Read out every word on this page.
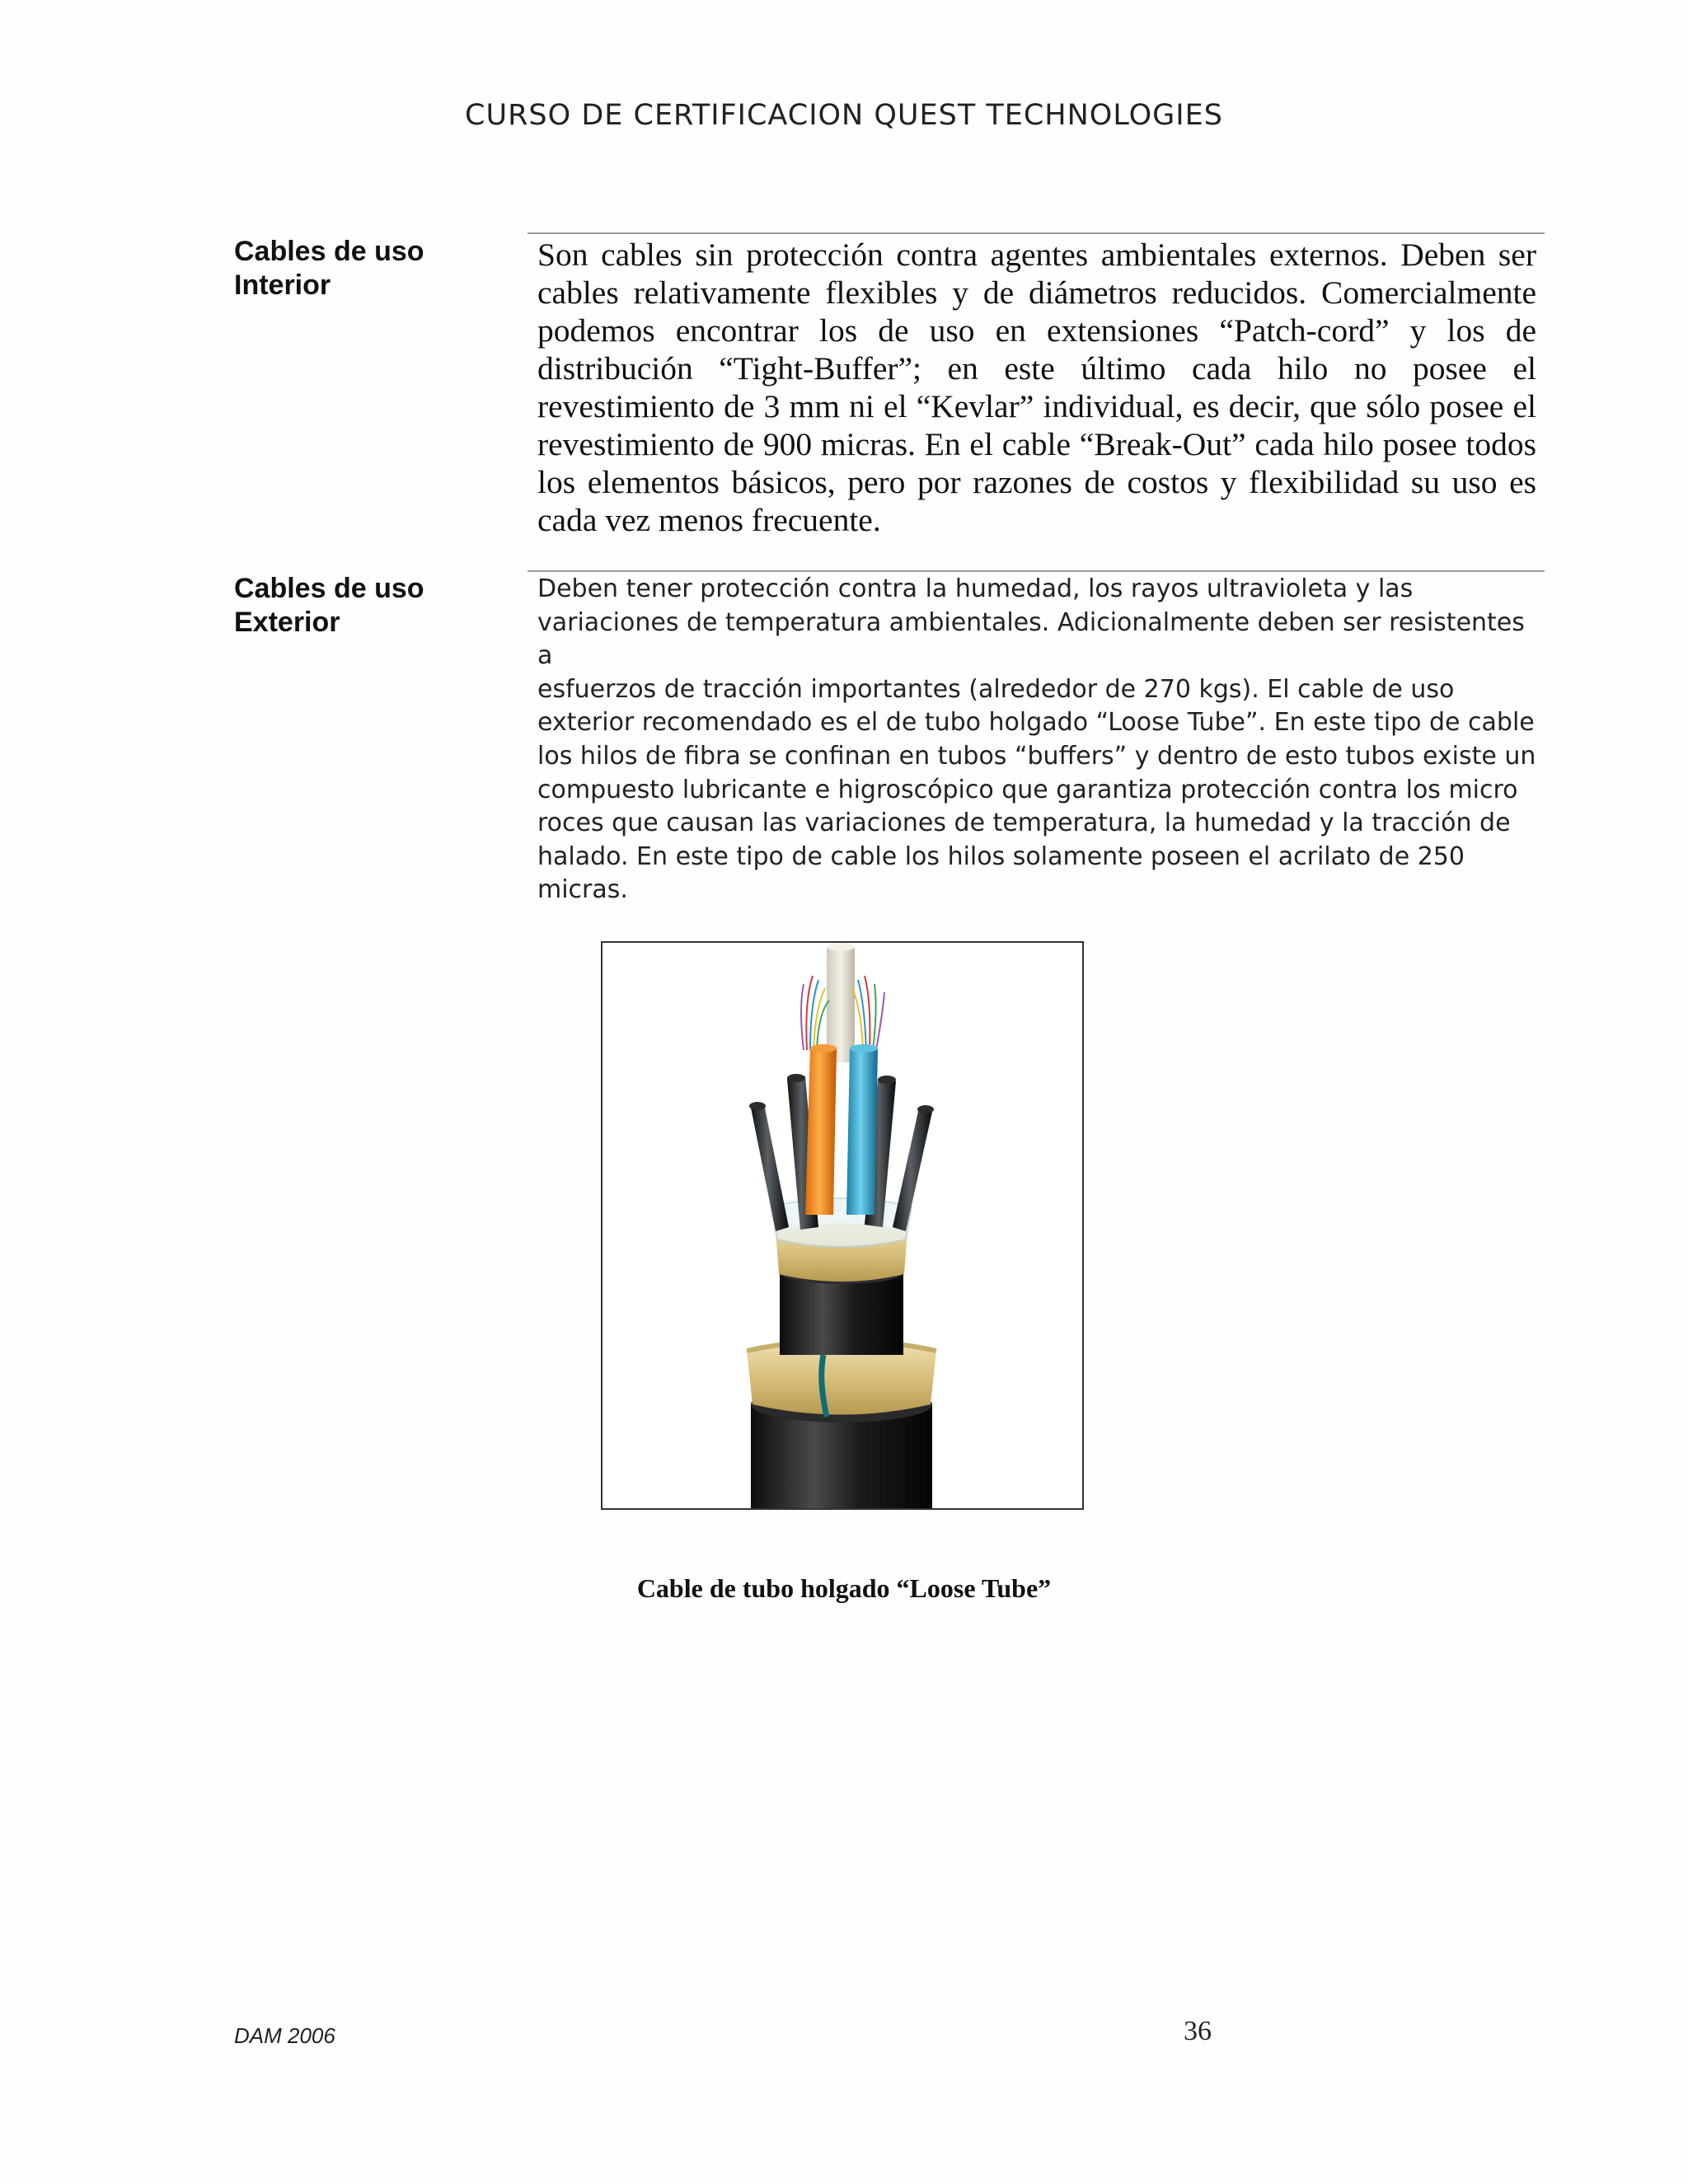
CURSO DE CERTIFICACION QUEST TECHNOLOGIES
Cables de uso
Interior
Son cables sin protección contra agentes ambientales externos. Deben ser cables relativamente flexibles y de diámetros reducidos. Comercialmente podemos encontrar los de uso en extensiones “Patch-cord” y los de distribución “Tight-Buffer”; en este último cada hilo no posee el revestimiento de 3 mm ni el “Kevlar” individual, es decir, que sólo posee el revestimiento de 900 micras. En el cable “Break-Out” cada hilo posee todos los elementos básicos, pero por razones de costos y flexibilidad su uso es cada vez menos frecuente.
Cables de uso
Exterior
Deben tener protección contra la humedad, los rayos ultravioleta y las
variaciones de temperatura ambientales. Adicionalmente deben ser resistentes a
esfuerzos de tracción importantes (alrededor de 270 kgs). El cable de uso
exterior recomendado es el de tubo holgado “Loose Tube”. En este tipo de cable
los hilos de fibra se confinan en tubos “buffers” y dentro de esto tubos existe un
compuesto lubricante e higroscópico que garantiza protección contra los micro
roces que causan las variaciones de temperatura, la humedad y la tracción de
halado. En este tipo de cable los hilos solamente poseen el acrilato de 250
micras.
Cable de tubo holgado “Loose Tube”
DAM 2006	36
